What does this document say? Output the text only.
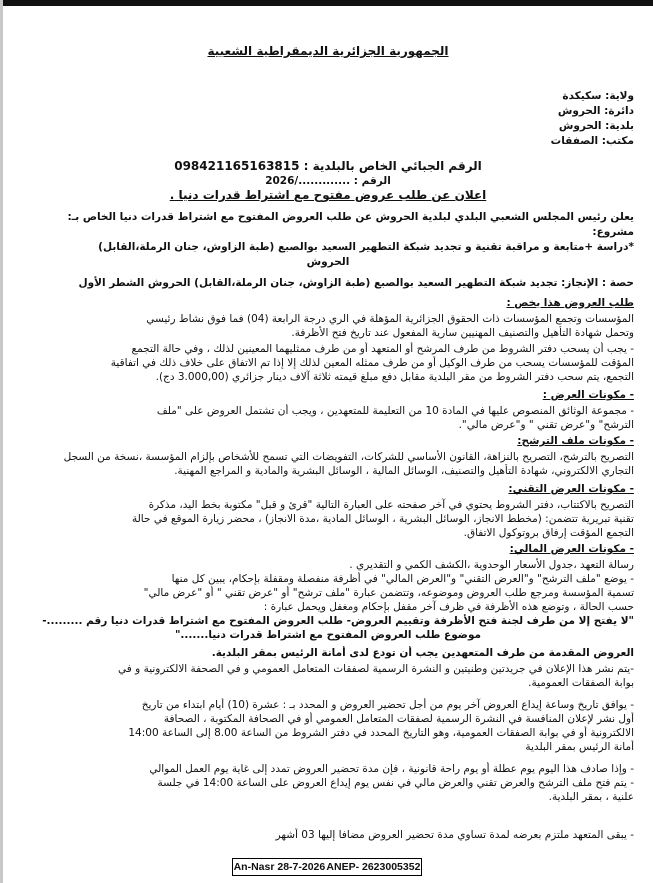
الجمهورية الجزائرية الديمقراطية الشعبية
ولاية: سكيكدة
دائرة: الحروش
بلدية: الحروش
مكتب: الصفقات
الرقم الجبائي الخاص بالبلدية : 098421165163815
الرقم : ............./2026
اعلان عن طلب عروض مفتوح مع اشتراط قدرات دنيا .
يعلن رئيس المجلس الشعبي البلدي لبلدية الحروش عن طلب العروض المفتوح مع اشتراط قدرات دنيا الخاص بـ:
مشروع:
*دراسة +متابعة و مراقبة تقنية و تجديد شبكة التطهير السعيد بوالصبع (طبة الزاوش، جنان الرملة،القابل)
الحروش
حصة : الإنجاز: تجديد شبكة التطهير السعيد بوالصبع (طبة الزاوش، جنان الرملة،القابل) الحروش الشطر الأول
طلب العروض هذا يخص :
المؤسسات وتجمع المؤسسات ذات الحقوق الجزائرية المؤهلة في الري درجة الرابعة (04) فما فوق نشاط رئيسي
وتحمل شهادة التأهيل والتصنيف المهنيين سارية المفعول عند تاريخ فتح الأظرفة.
- يجب أن يسحب دفتر الشروط من طرف المرشح أو المتعهد أو من طرف ممثليهما المعينين لذلك ، وفي حالة التجمع
المؤقت للمؤسسات يسحب من طرف الوكيل أو من طرف ممثله المعين لذلك إلا إذا تم الاتفاق على خلاف ذلك في اتفاقية
التجمع، يتم سحب دفتر الشروط من مقر البلدية مقابل دفع مبلغ قيمته ثلاثة آلاف دينار جزائري (3.000,00 دج).
- مكونات العرض :
- مجموعة الوثائق المنصوص عليها في المادة 10 من التعليمة للمتعهدين ، ويجب أن تشتمل العروض على "ملف
الترشح" و"عرض تقني " و"عرض مالي".
- مكونات ملف الترشح:
التصريح بالترشح، التصريح بالنزاهة، القانون الأساسي للشركات، التفويضات التي تسمح للأشخاص بإلزام المؤسسة ،نسخة من السجل
التجاري الالكتروني، شهادة التأهيل والتصنيف، الوسائل المالية ، الوسائل البشرية والمادية و المراجع المهنية.
- مكونات العرض التقني:
التصريح بالاكتتاب، دفتر الشروط يحتوي في آخر صفحته على العبارة التالية "قرئ و قبل" مكتوبة بخط اليد، مذكرة
تقنية تبريرية تتضمن: (مخطط الانجاز، الوسائل البشرية ، الوسائل المادية ،مدة الانجاز) ، محضر زيارة الموقع في حالة
التجمع المؤقت إرفاق بروتوكول الاتفاق.
- مكونات العرض المالي:
رسالة التعهد ،جدول الأسعار الوحدوية ،الكشف الكمي و التقديري .
- يوضع "ملف الترشح" و"العرض التقني" و"العرض المالي" في أظرفة منفصلة ومقفلة بإحكام، يبين كل منها
تسمية المؤسسة ومرجع طلب العروض وموضوعه، وتتضمن عبارة "ملف ترشح" أو "عرض تقني " أو "عرض مالي"
حسب الحالة ، وتوضع هذه الأظرفة في ظرف آخر مقفل بإحكام ومغفل ويحمل عبارة :
"لا يفتح إلا من طرف لجنة فتح الأظرفة وتقييم العروض- طلب العروض المفتوح مع اشتراط قدرات دنيا رقم .........-
موضوع طلب العروض المفتوح مع اشتراط قدرات دنيا......."
العروض المقدمة من طرف المتعهدين يجب أن تودع لدى أمانة الرئيس بمقر البلدية.
-يتم نشر هذا الإعلان في جريدتين وطنيتين و النشرة الرسمية لصفقات المتعامل العمومي و في الصحفة الالكترونية و في
بوابة الصفقات العمومية.
- يوافق تاريخ وساعة إيداع العروض آخر يوم من أجل تحضير العروض و المحدد بـ : عشرة (10) أيام ابتداء من تاريخ
أول نشر لإعلان المنافسة في النشرة الرسمية لصفقات المتعامل العمومي أو في الصحافة المكتوبة ، الصحافة
الالكترونية أو في بوابة الصفقات العمومية، وهو التاريخ المحدد في دفتر الشروط من الساعة 8.00 إلى الساعة 14:00
أمانة الرئيس بمقر البلدية
- وإذا صادف هذا اليوم يوم عطلة أو يوم راحة قانونية ، فإن مدة تحضير العروض تمدد إلى غاية يوم العمل الموالي
- يتم فتح ملف الترشح والعرض تقني والعرض مالي في نفس يوم إيداع العروض على الساعة 14:00 في جلسة
علنية ، بمقر البلدية.
- يبقى المتعهد ملتزم بعرضه لمدة تساوي مدة تحضير العروض مضافا إليها 03 أشهر
An-Nasr 28-7-2026 ANEP- 2623005352
